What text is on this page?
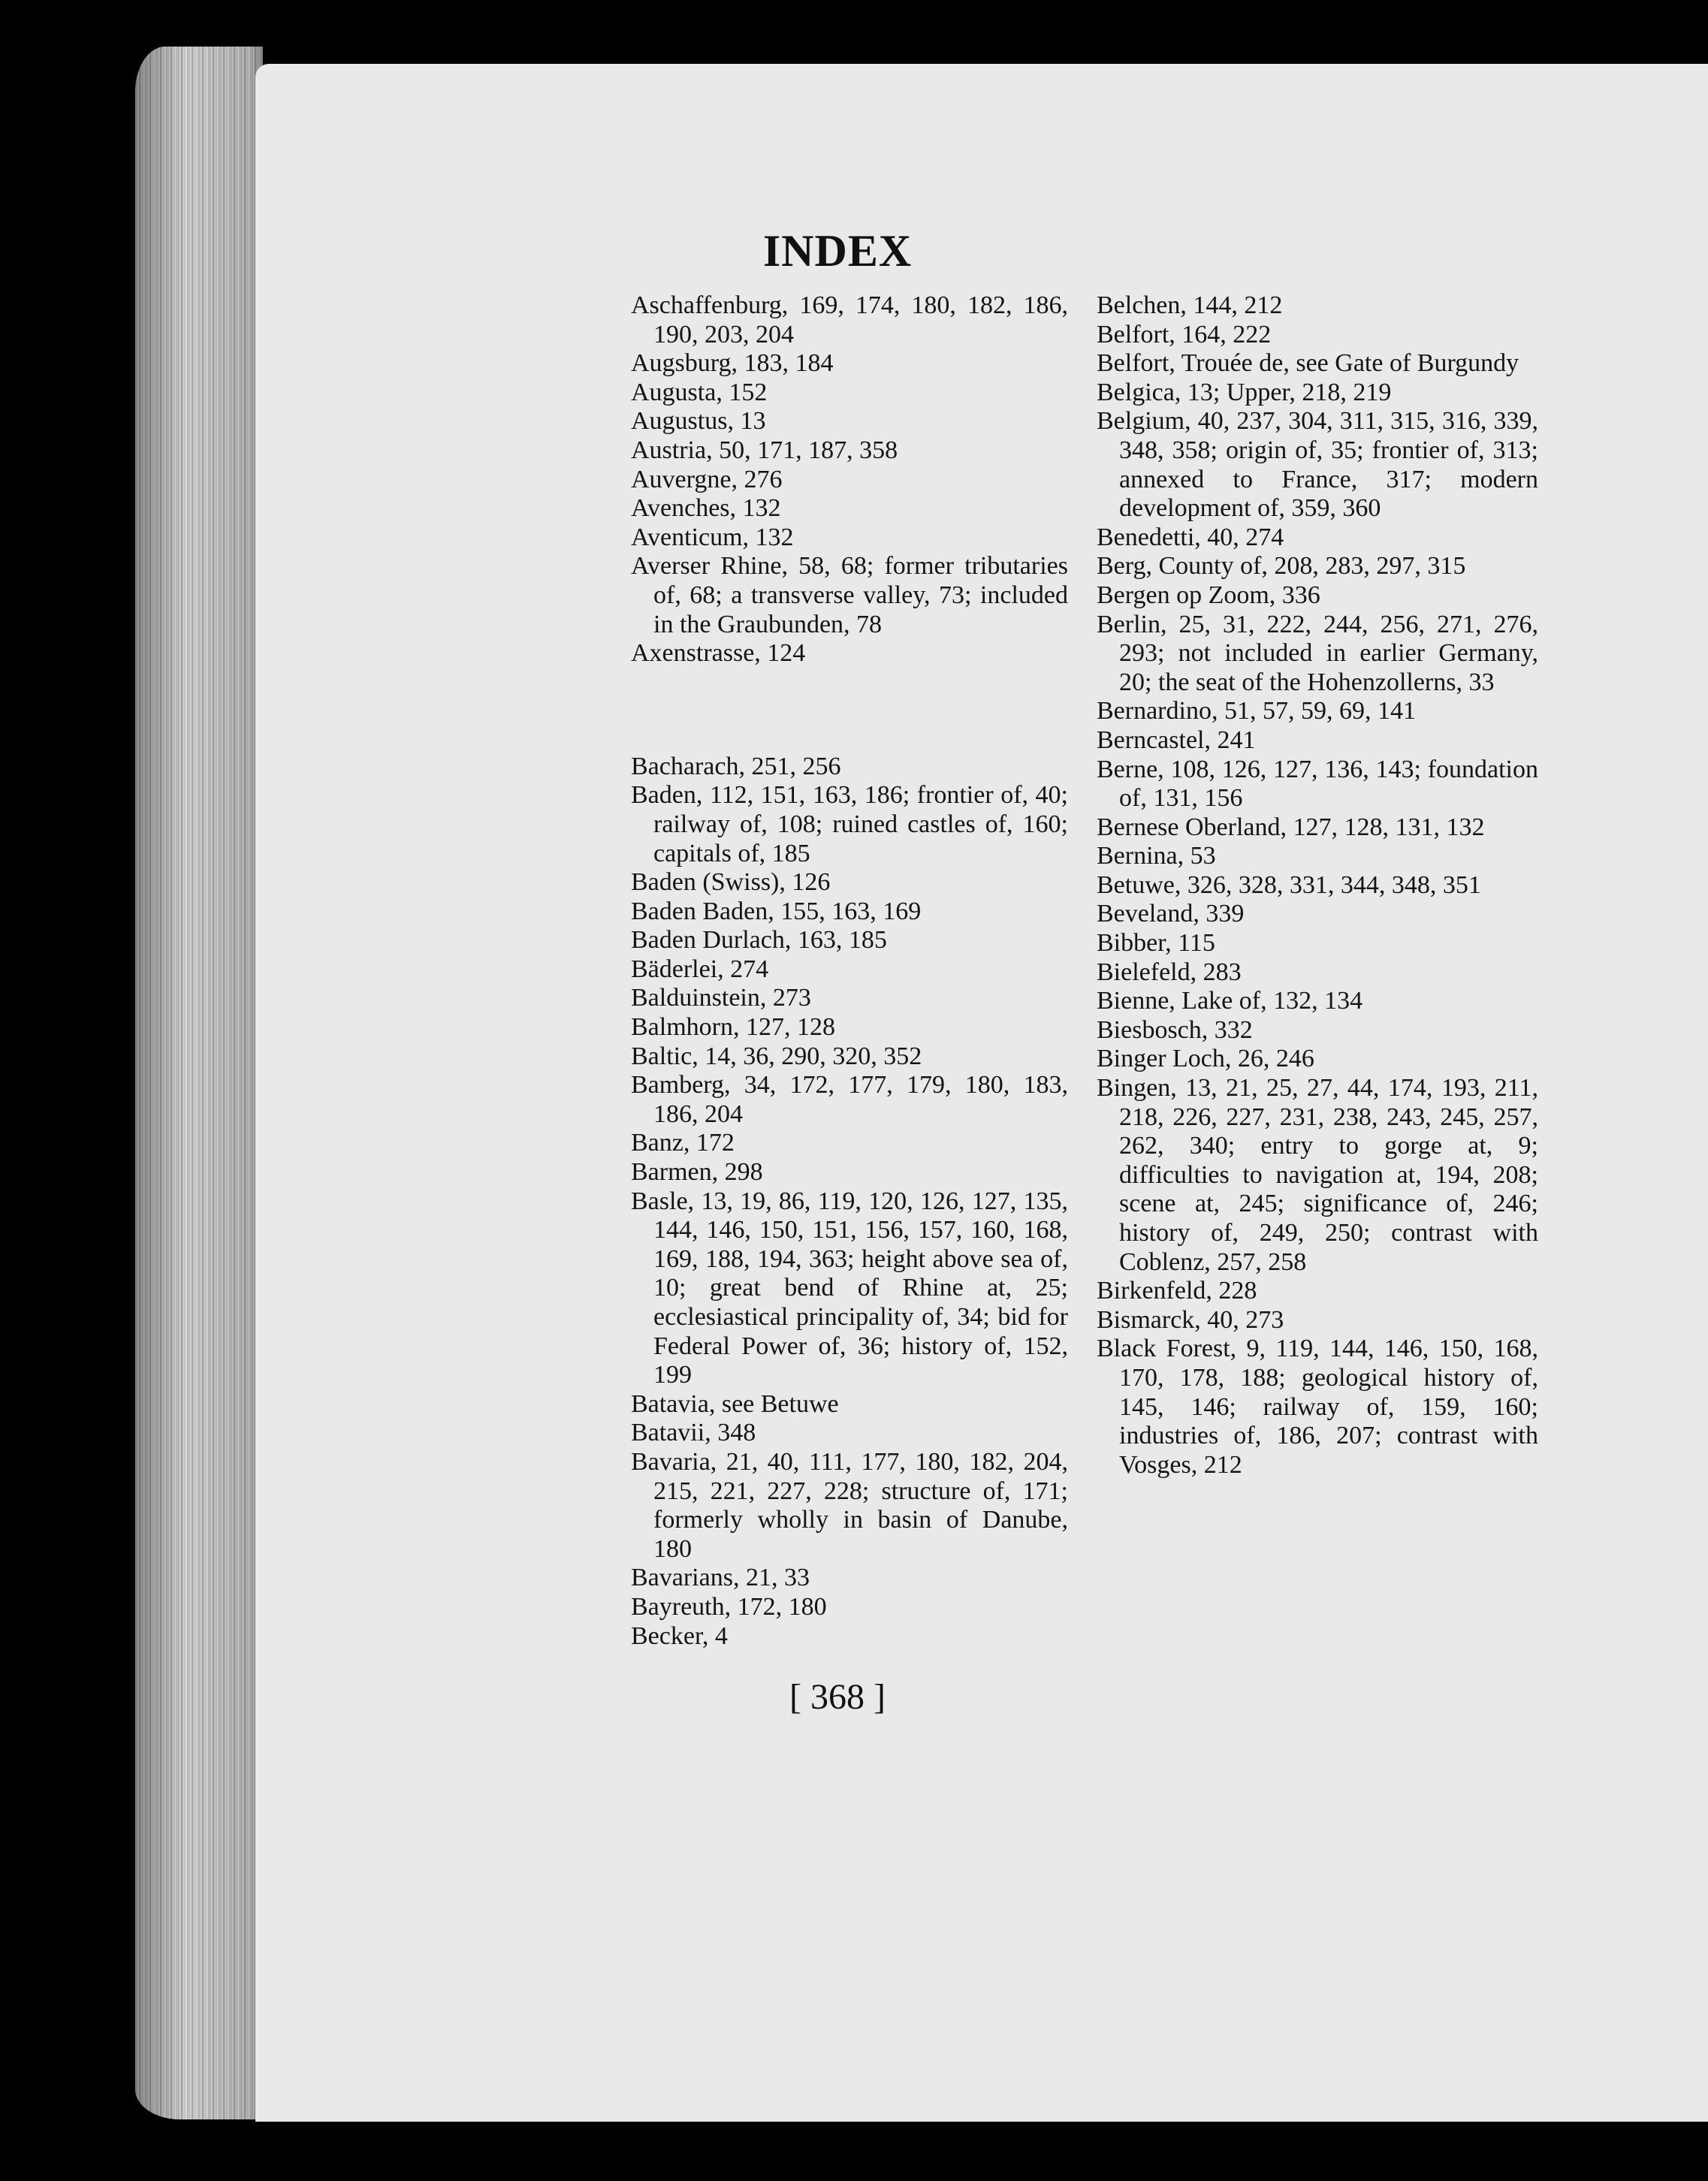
INDEX

Aschaffenburg, 169, 174, 180, 182, 186, 190, 203, 204

Augsburg, 183, 184

Augusta, 152

Augustus, 13

Austria, 50, 171, 187, 358

Auvergne, 276

Avenches, 132

Aventicum, 132

Averser Rhine, 58, 68; former tributaries of, 68; a transverse valley, 73; included in the Graubunden, 78

Axenstrasse, 124

Bacharach, 251, 256

Baden, 112, 151, 163, 186; frontier of, 40; railway of, 108; ruined castles of, 160; capitals of, 185

Baden (Swiss), 126

Baden Baden, 155, 163, 169

Baden Durlach, 163, 185

Bäderlei, 274

Balduinstein, 273

Balmhorn, 127, 128

Baltic, 14, 36, 290, 320, 352

Bamberg, 34, 172, 177, 179, 180, 183, 186, 204

Banz, 172

Barmen, 298

Basle, 13, 19, 86, 119, 120, 126, 127, 135, 144, 146, 150, 151, 156, 157, 160, 168, 169, 188, 194, 363; height above sea of, 10; great bend of Rhine at, 25; ecclesiastical principality of, 34; bid for Federal Power of, 36; history of, 152, 199

Batavia, see Betuwe

Batavii, 348

Bavaria, 21, 40, 111, 177, 180, 182, 204, 215, 221, 227, 228; structure of, 171; formerly wholly in basin of Danube, 180

Bavarians, 21, 33

Bayreuth, 172, 180

Becker, 4

Belchen, 144, 212

Belfort, 164, 222

Belfort, Trouée de, see Gate of Burgundy

Belgica, 13; Upper, 218, 219

Belgium, 40, 237, 304, 311, 315, 316, 339, 348, 358; origin of, 35; frontier of, 313; annexed to France, 317; modern development of, 359, 360

Benedetti, 40, 274

Berg, County of, 208, 283, 297, 315

Bergen op Zoom, 336

Berlin, 25, 31, 222, 244, 256, 271, 276, 293; not included in earlier Germany, 20; the seat of the Hohenzollerns, 33

Bernardino, 51, 57, 59, 69, 141

Berncastel, 241

Berne, 108, 126, 127, 136, 143; foundation of, 131, 156

Bernese Oberland, 127, 128, 131, 132

Bernina, 53

Betuwe, 326, 328, 331, 344, 348, 351

Beveland, 339

Bibber, 115

Bielefeld, 283

Bienne, Lake of, 132, 134

Biesbosch, 332

Binger Loch, 26, 246

Bingen, 13, 21, 25, 27, 44, 174, 193, 211, 218, 226, 227, 231, 238, 243, 245, 257, 262, 340; entry to gorge at, 9; difficulties to navigation at, 194, 208; scene at, 245; significance of, 246; history of, 249, 250; contrast with Coblenz, 257, 258

Birkenfeld, 228

Bismarck, 40, 273

Black Forest, 9, 119, 144, 146, 150, 168, 170, 178, 188; geological history of, 145, 146; railway of, 159, 160; industries of, 186, 207; contrast with Vosges, 212

[ 368 ]
